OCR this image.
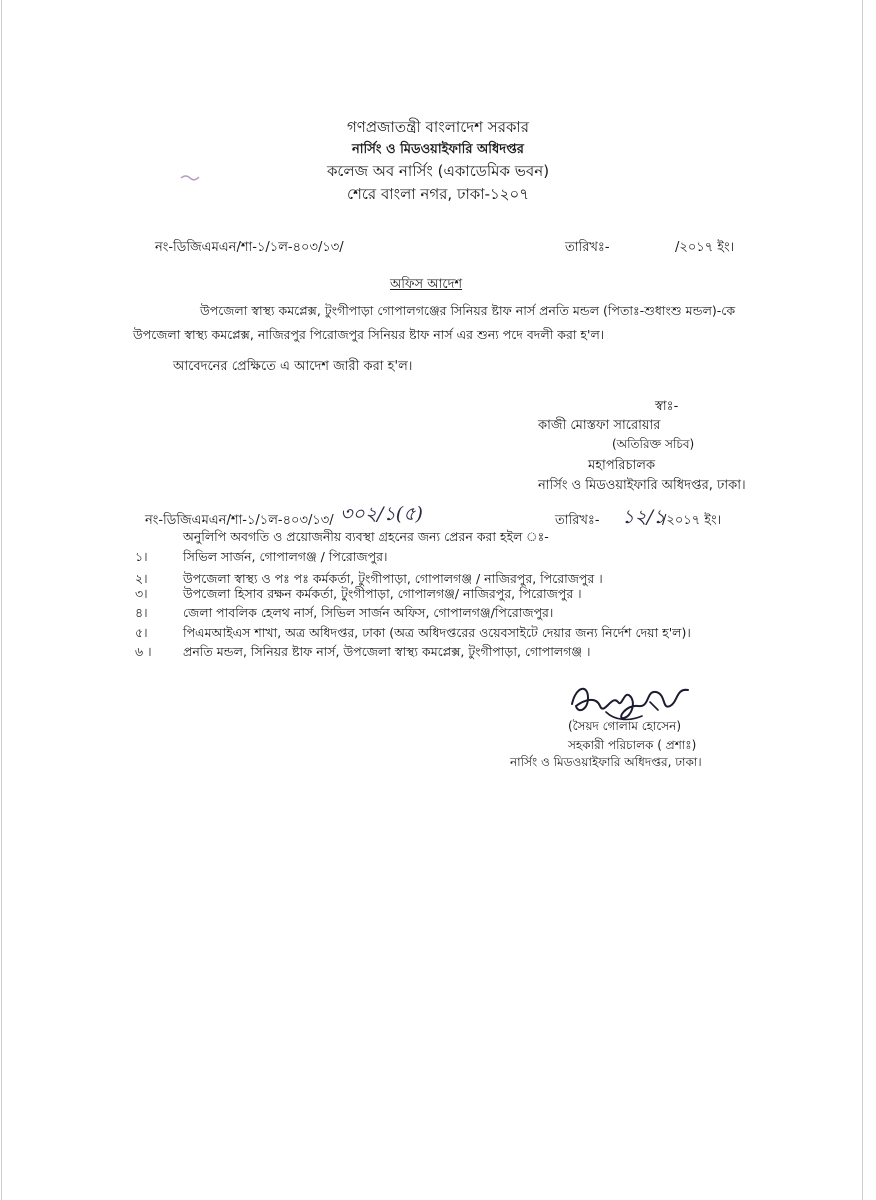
গণপ্রজাতন্ত্রী বাংলাদেশ সরকার
নার্সিং ও মিডওয়াইফারি অধিদপ্তর
কলেজ অব নার্সিং (একাডেমিক ভবন)
শেরে বাংলা নগর, ঢাকা-১২০৭
নং-ডিজিএমএন/শা-১/১ল-৪০৩/১৩/	তারিখঃ-	/২০১৭ ইং।
অফিস আদেশ
উপজেলা স্বাস্থ্য কমপ্লেক্স, টুংগীপাড়া গোপালগঞ্জের সিনিয়র ষ্টাফ নার্স প্রনতি মন্ডল (পিতাঃ-শুধাংশু মন্ডল)-কে
উপজেলা স্বাস্থ্য কমপ্লেক্স, নাজিরপুর পিরোজপুর সিনিয়র ষ্টাফ নার্স এর শুন্য পদে বদলী করা হ'ল।
আবেদনের প্রেক্ষিতে এ আদেশ জারী করা হ'ল।
স্বাঃ-
কাজী মোস্তফা সারোয়ার
(অতিরিক্ত সচিব)
মহাপরিচালক
নার্সিং ও মিডওয়াইফারি অধিদপ্তর, ঢাকা।
নং-ডিজিএমএন/শা-১/১ল-৪০৩/১৩/ ৩০২/১(৫)	তারিখঃ- ১২/১
/২০১৭ ইং।
অনুলিপি অবগতি ও প্রয়োজনীয় ব্যবস্থা গ্রহনের জন্য প্রেরন করা হইল ঃ-
১।	সিভিল সার্জন, গোপালগঞ্জ / পিরোজপুর।
২।	উপজেলা স্বাস্থ্য ও পঃ পঃ কর্মকর্তা, টুংগীপাড়া, গোপালগঞ্জ / নাজিরপুর, পিরোজপুর ।
৩।	উপজেলা হিসাব রক্ষন কর্মকর্তা, টুংগীপাড়া, গোপালগঞ্জ/ নাজিরপুর, পিরোজপুর ।
৪।	জেলা পাবলিক হেলথ নার্স, সিভিল সার্জন অফিস, গোপালগঞ্জ/পিরোজপুর।
৫।	পিএমআইএস শাখা, অত্র অধিদপ্তর, ঢাকা (অত্র অধিদপ্তরের ওয়েবসাইটে দেয়ার জন্য নির্দেশ দেয়া হ'ল)।
৬ ।	প্রনতি মন্ডল, সিনিয়র ষ্টাফ নার্স, উপজেলা স্বাস্থ্য কমপ্লেক্স, টুংগীপাড়া, গোপালগঞ্জ ।
(সৈয়দ গোলাম হোসেন)
সহকারী পরিচালক ( প্রশাঃ)
নার্সিং ও মিডওয়াইফারি অধিদপ্তর, ঢাকা।
